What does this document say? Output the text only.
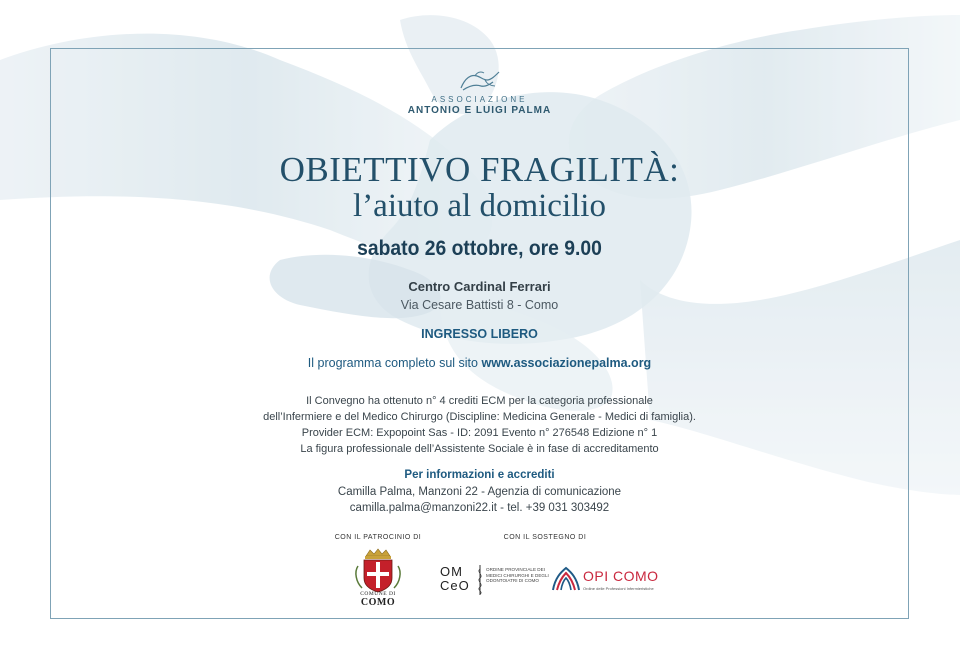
ASSOCIAZIONE
ANTONIO E LUIGI PALMA
OBIETTIVO FRAGILITÀ:
l’aiuto al domicilio
sabato 26 ottobre, ore 9.00
Centro Cardinal Ferrari
Via Cesare Battisti 8 - Como
INGRESSO LIBERO
Il programma completo sul sito www.associazionepalma.org
Il Convegno ha ottenuto n° 4 crediti ECM per la categoria professionale
dell’Infermiere e del Medico Chirurgo (Discipline: Medicina Generale - Medici di famiglia).
Provider ECM: Expopoint Sas - ID: 2091 Evento n° 276548 Edizione n° 1
La figura professionale dell’Assistente Sociale è in fase di accreditamento
Per informazioni e accrediti
Camilla Palma, Manzoni 22 - Agenzia di comunicazione
camilla.palma@manzoni22.it - tel. +39 031 303492
CON IL PATROCINIO DI	CON IL SOSTEGNO DI
COMUNE DI
COMO
OM
CeO
ORDINE PROVINCIALE DEI MEDICI CHIRURGHI E DEGLI ODONTOIATRI DI COMO	OPI COMO
Ordine delle Professioni Infermieristiche
